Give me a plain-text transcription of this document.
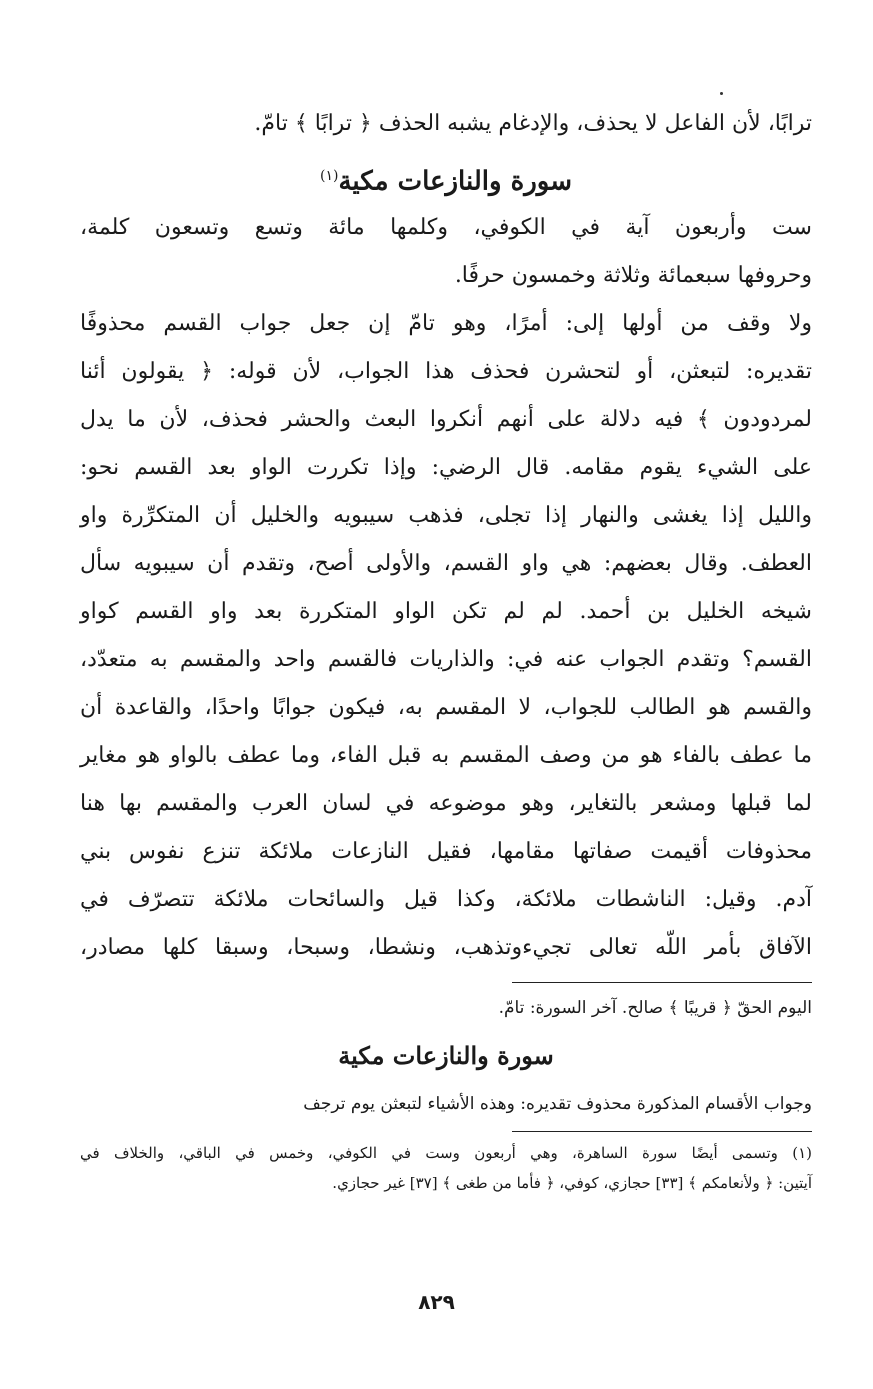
ترابًا، لأن الفاعل لا يحذف، والإدغام يشبه الحذف ﴿ ترابًا ﴾ تامّ.
سورة والنازعات مكية$^{(١)}$
ست وأربعون آية في الكوفي، وكلمها مائة وتسع وتسعون كلمة،
وحروفها سبعمائة وثلاثة وخمسون حرفًا.
ولا وقف من أولها إلى: أمرًا، وهو تامّ إن جعل جواب القسم محذوفًا
تقديره: لتبعثن، أو لتحشرن فحذف هذا الجواب، لأن قوله: ﴿ يقولون أئنا
لمردودون ﴾ فيه دلالة على أنهم أنكروا البعث والحشر فحذف، لأن ما يدل
على الشيء يقوم مقامه. قال الرضي: وإذا تكررت الواو بعد القسم نحو:
والليل إذا يغشى والنهار إذا تجلى، فذهب سيبويه والخليل أن المتكرِّرة واو
العطف. وقال بعضهم: هي واو القسم، والأولى أصح، وتقدم أن سيبويه سأل
شيخه الخليل بن أحمد. لم لم تكن الواو المتكررة بعد واو القسم كواو
القسم؟ وتقدم الجواب عنه في: والذاريات فالقسم واحد والمقسم به متعدّد،
والقسم هو الطالب للجواب، لا المقسم به، فيكون جوابًا واحدًا، والقاعدة أن
ما عطف بالفاء هو من وصف المقسم به قبل الفاء، وما عطف بالواو هو مغاير
لما قبلها ومشعر بالتغاير، وهو موضوعه في لسان العرب والمقسم بها هنا
محذوفات أقيمت صفاتها مقامها، فقيل النازعات ملائكة تنزع نفوس بني
آدم. وقيل: الناشطات ملائكة، وكذا قيل والسائحات ملائكة تتصرّف في
الآفاق بأمر اللّه تعالى تجيءوتذهب، ونشطا، وسبحا، وسبقا كلها مصادر،
اليوم الحقّ ﴿ قريبًا ﴾ صالح. آخر السورة: تامّ.
سورة والنازعات مكية
وجواب الأقسام المذكورة محذوف تقديره: وهذه الأشياء لتبعثن يوم ترجف
(١) وتسمى أيضًا سورة الساهرة، وهي أربعون وست في الكوفي، وخمس في الباقي، والخلاف في
آيتين: ﴿ ولأنعامكم ﴾ [٣٣] حجازي، كوفي، ﴿ فأما من طغى ﴾ [٣٧] غير حجازي.
٨٢٩
